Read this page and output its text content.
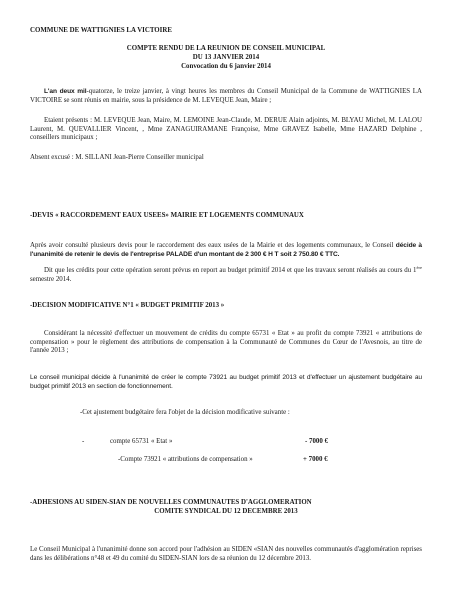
COMMUNE DE WATTIGNIES LA VICTOIRE

COMPTE RENDU DE LA REUNION DE CONSEIL MUNICIPAL

DU 13 JANVIER 2014

Convocation du 6 janvier 2014

L'an deux mil-quatorze, le treize janvier, à vingt heures les membres du Conseil Municipal de la Commune de WATTIGNIES LA VICTOIRE se sont réunis en mairie, sous la présidence de M. LEVEQUE Jean, Maire ;

Etaient présents : M. LEVEQUE Jean, Maire, M. LEMOINE Jean-Claude, M. DERUE Alain adjoints, M. BLYAU Michel, M. LALOU Laurent, M. QUEVALLIER Vincent, , Mme ZANAGUIRAMANE Françoise, Mme GRAVEZ Isabelle, Mme HAZARD Delphine , conseillers municipaux ;

Absent excusé : M. SILLANI Jean-Pierre Conseiller municipal

-DEVIS « RACCORDEMENT EAUX USEES» MAIRIE ET LOGEMENTS COMMUNAUX

Après avoir consulté plusieurs devis pour le raccordement des eaux usées de la Mairie et des logements communaux, le Conseil décide à l'unanimité de retenir le devis de l'entreprise PALADE d'un montant de 2 300 € H T soit 2 750.80 € TTC.

Dit que les crédits pour cette opération seront prévus en report au budget primitif 2014 et que les travaux seront réalisés au cours du 1ère semestre 2014.

-DECISION MODIFICATIVE N°1 « BUDGET PRIMITIF 2013 »

Considérant la nécessité d'effectuer un mouvement de crédits du compte 65731 « Etat » au profit du compte 73921 « attributions de compensation » pour le règlement des attributions de compensation à la Communauté de Communes du Cœur de l'Avesnois, au titre de l'année 2013 ;

Le conseil municipal décide à l'unanimité de créer le compte 73921 au budget primitif 2013 et d'effectuer un ajustement budgétaire au budget primitif 2013 en section de fonctionnement.

-Cet ajustement budgétaire fera l'objet de la décision modificative suivante :

-	compte 65731 « Etat »	- 7000 €
-Compte 73921 « attributions de compensation »	+ 7000 €

-ADHESIONS AU SIDEN-SIAN DE NOUVELLES COMMUNAUTES D'AGGLOMERATION

COMITE SYNDICAL DU 12 DECEMBRE 2013

Le Conseil Municipal à l'unanimité donne son accord pour l'adhésion au SIDEN «SIAN des nouvelles communautés d'agglomération reprises dans les délibérations n°48 et 49 du comité du SIDEN-SIAN lors de sa réunion du 12 décembre 2013.
